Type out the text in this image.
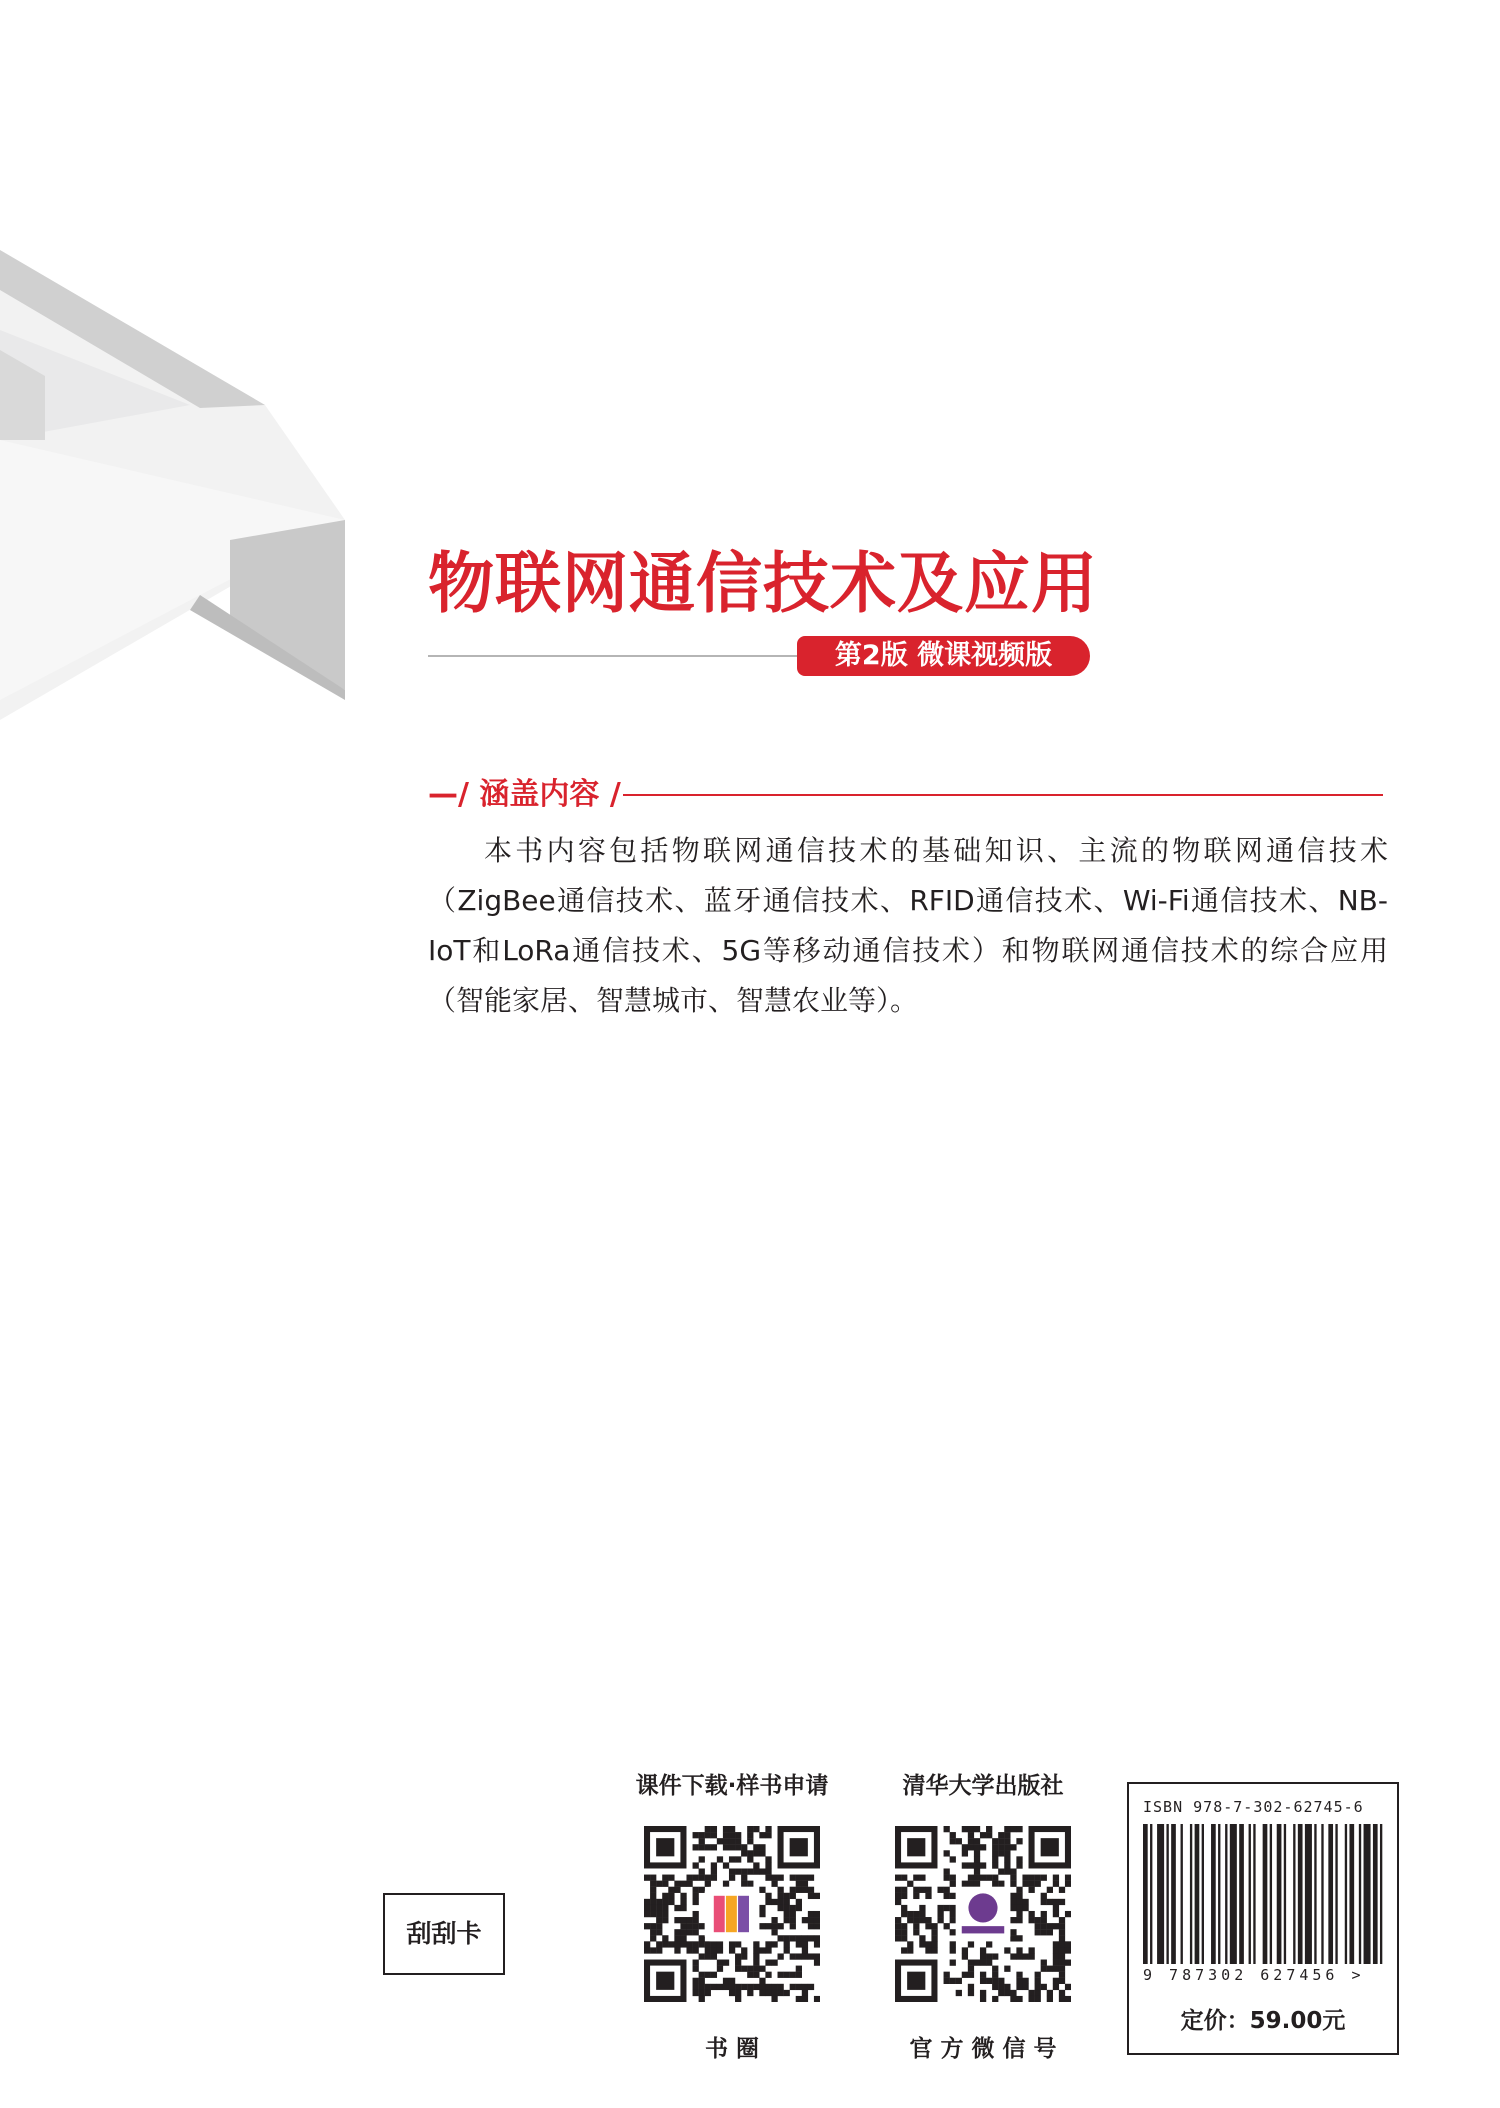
物联网通信技术及应用
第2版 微课视频版
—/ 涵盖内容 /

本书内容包括物联网通信技术的基础知识、主流的物联网通信技术（ZigBee通信技术、蓝牙通信技术、RFID通信技术、Wi-Fi通信技术、NB-IoT和LoRa通信技术、5G等移动通信技术）和物联网通信技术的综合应用（智能家居、智慧城市、智慧农业等）。

刮刮卡
课件下载·样书申请
书 圈
清华大学出版社
官 方 微 信 号
ISBN 978-7-302-62745-6
9 787302 627456 >
定价：59.00元
